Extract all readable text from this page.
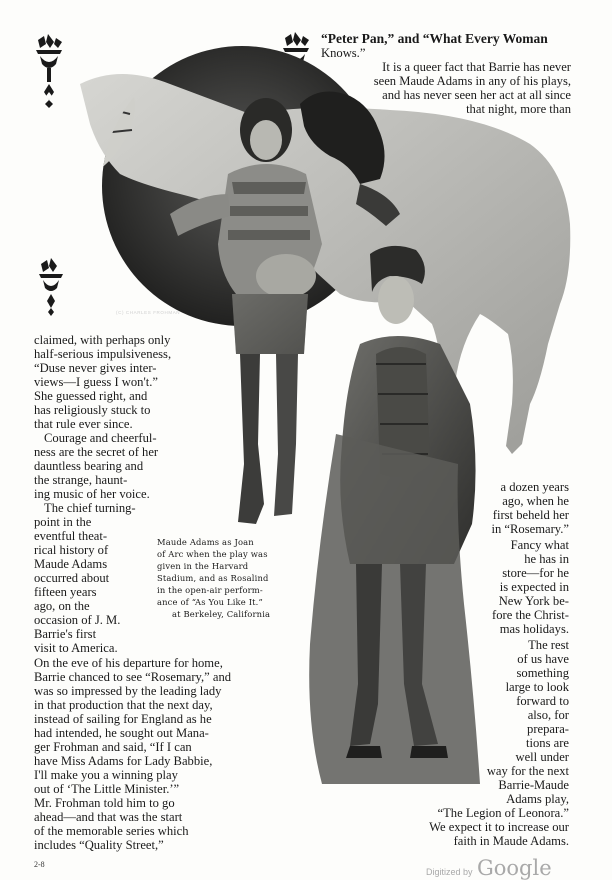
(C) CHARLES FROHMAN
“Peter Pan,” and “What Every Woman
Knows.”
It is a queer fact that Barrie has never
seen Maude Adams in any of his plays,
and has never seen her act at all since
that night, more than
claimed, with perhaps only
half-serious impulsiveness,
“Duse never gives inter-
views—I guess I won't.”
She guessed right, and
has religiously stuck to
that rule ever since.
Courage and cheerful-
ness are the secret of her
dauntless bearing and
the strange, haunt-
ing music of her voice.
The chief turning-
point in the
eventful theat-
rical history of
Maude Adams
occurred about
fifteen years
ago, on the
occasion of J. M.
Barrie's first
visit to America.
On the eve of his departure for home,
Barrie chanced to see “Rosemary,” and
was so impressed by the leading lady
in that production that the next day,
instead of sailing for England as he
had intended, he sought out Mana-
ger Frohman and said, “If I can
have Miss Adams for Lady Babbie,
I'll make you a winning play
out of ‘The Little Minister.’”
Mr. Frohman told him to go
ahead—and that was the start
of the memorable series which
includes “Quality Street,”
a dozen years
ago, when he
first beheld her
in “Rosemary.”
Fancy what
he has in
store—for he
is expected in
New York be-
fore the Christ-
mas holidays.
The rest
of us have
something
large to look
forward to
also, for
prepara-
tions are
well under
way for the next
Barrie-Maude
Adams play,
“The Legion of Leonora.”
We expect it to increase our
faith in Maude Adams.
Maude Adams as Joan
of Arc when the play was
given in the Harvard
Stadium, and as Rosalind
in the open-air perform-
ance of “As You Like It.”
at Berkeley, California
2-8
Digitized by Google
